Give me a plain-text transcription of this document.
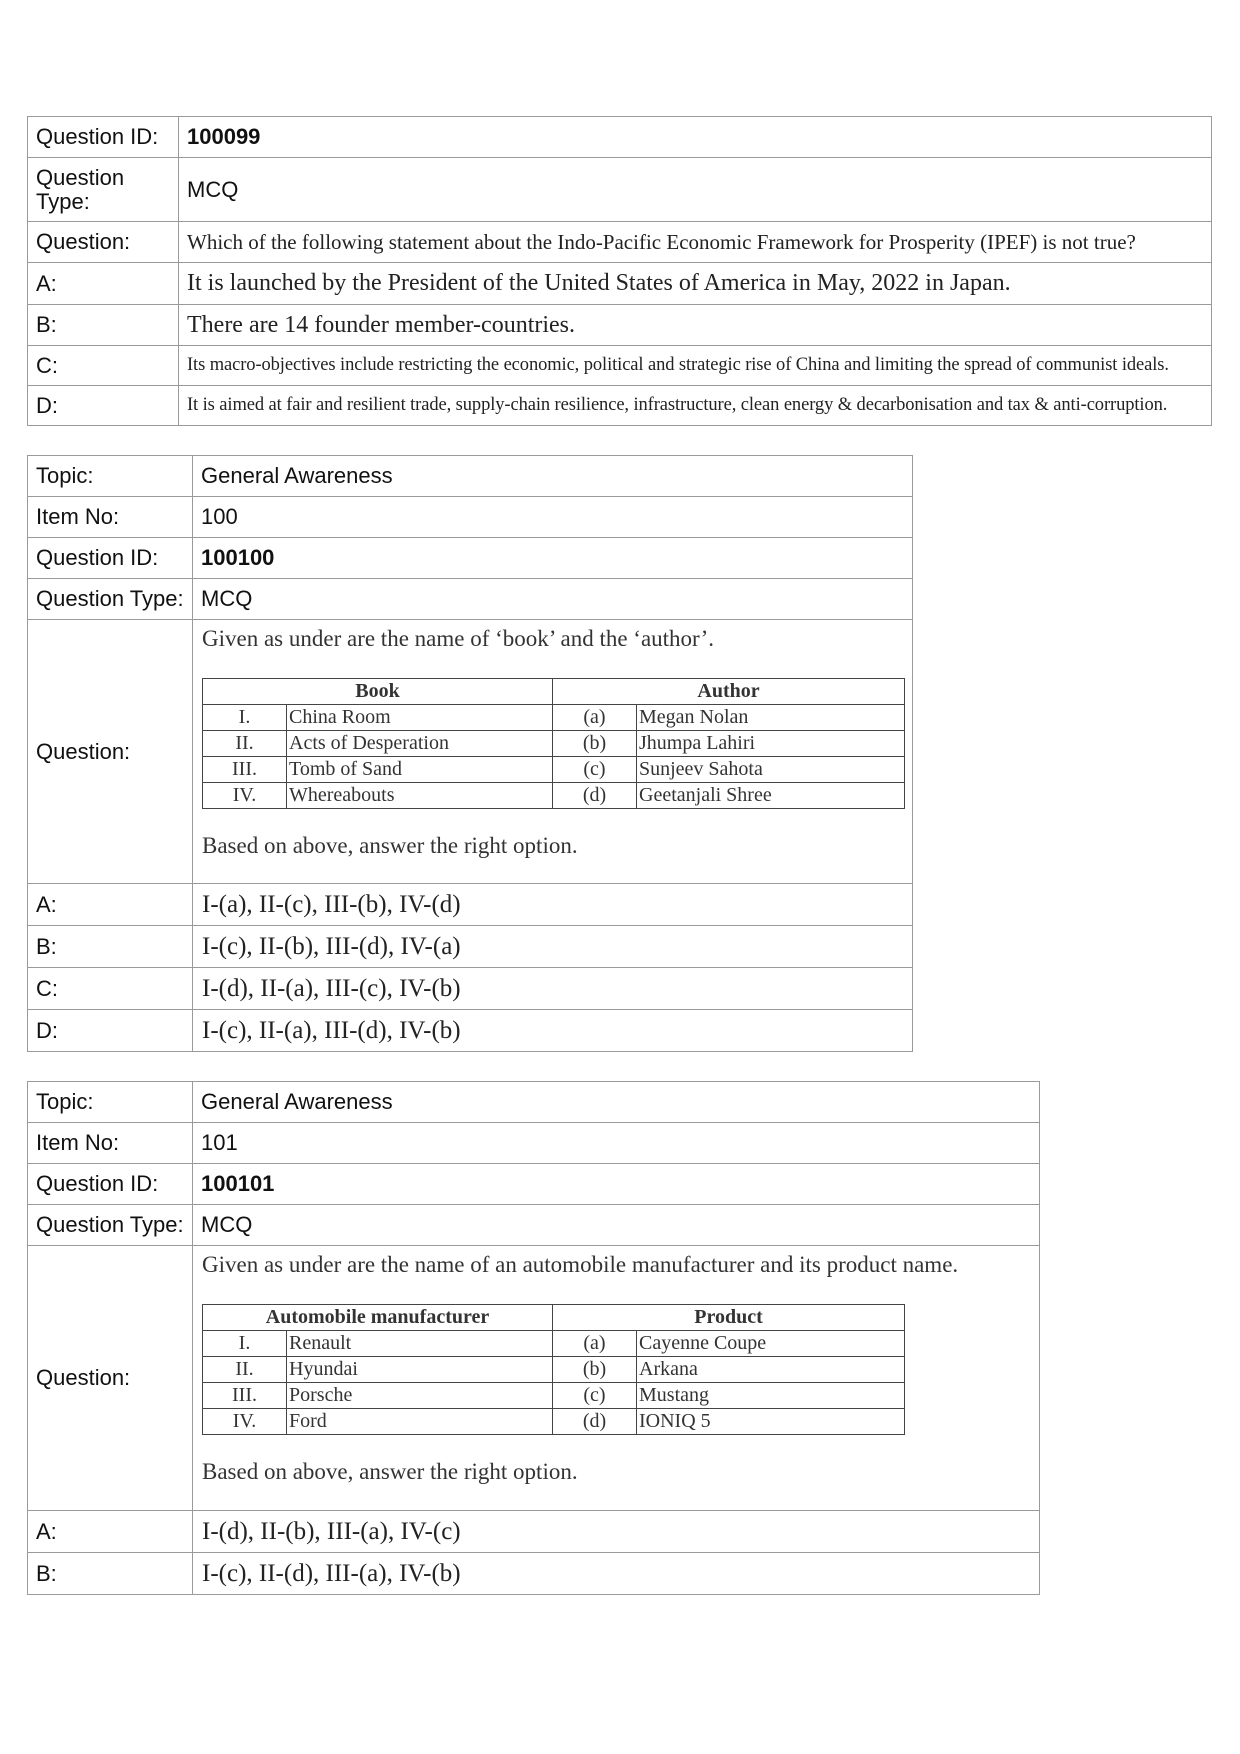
Question ID:	100099
Question Type:	MCQ
Question:	Which of the following statement about the Indo-Pacific Economic Framework for Prosperity (IPEF) is not true?
A:	It is launched by the President of the United States of America in May, 2022 in Japan.
B:	There are 14 founder member-countries.
C:	Its macro-objectives include restricting the economic, political and strategic rise of China and limiting the spread of communist ideals.
D:	It is aimed at fair and resilient trade, supply-chain resilience, infrastructure, clean energy & decarbonisation and tax & anti-corruption.
Topic:	General Awareness
Item No:	100
Question ID:	100100
Question Type:	MCQ
Question:	
Given as under are the name of ‘book’ and the ‘author’.
Book	Author
I.	China Room	(a)	Megan Nolan
II.	Acts of Desperation	(b)	Jhumpa Lahiri
III.	Tomb of Sand	(c)	Sunjeev Sahota
IV.	Whereabouts	(d)	Geetanjali Shree
Based on above, answer the right option.

A:	I-(a), II-(c), III-(b), IV-(d)
B:	I-(c), II-(b), III-(d), IV-(a)
C:	I-(d), II-(a), III-(c), IV-(b)
D:	I-(c), II-(a), III-(d), IV-(b)
Topic:	General Awareness
Item No:	101
Question ID:	100101
Question Type:	MCQ
Question:	
Given as under are the name of an automobile manufacturer and its product name.
Automobile manufacturer	Product
I.	Renault	(a)	Cayenne Coupe
II.	Hyundai	(b)	Arkana
III.	Porsche	(c)	Mustang
IV.	Ford	(d)	IONIQ 5
Based on above, answer the right option.

A:	I-(d), II-(b), III-(a), IV-(c)
B:	I-(c), II-(d), III-(a), IV-(b)
